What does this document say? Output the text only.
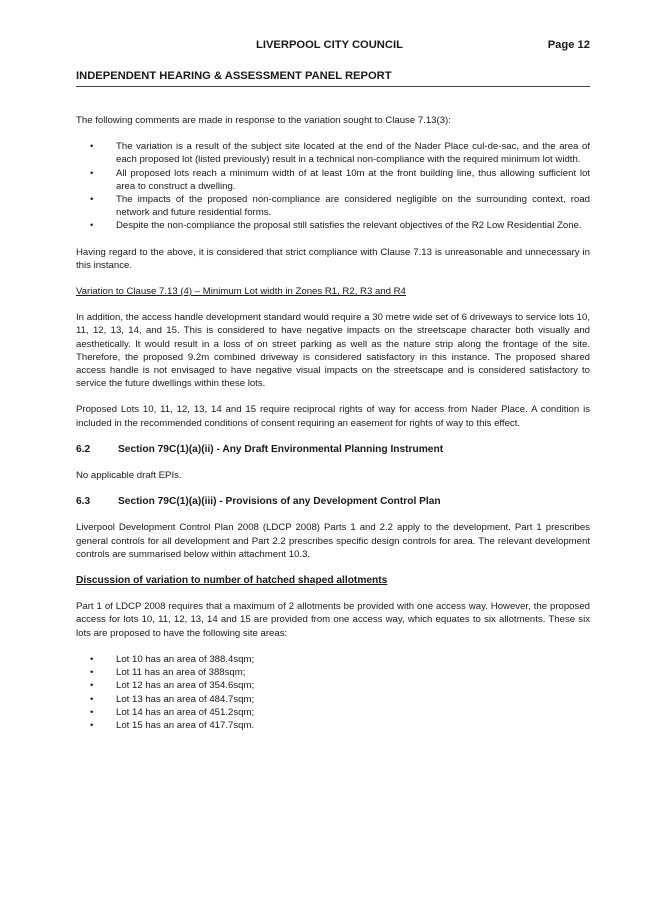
LIVERPOOL CITY COUNCIL	Page 12
INDEPENDENT HEARING & ASSESSMENT PANEL REPORT

The following comments are made in response to the variation sought to Clause 7.13(3):

• The variation is a result of the subject site located at the end of the Nader Place cul-de-sac, and the area of each proposed lot (listed previously) result in a technical non-compliance with the required minimum lot width.
• All proposed lots reach a minimum width of at least 10m at the front building line, thus allowing sufficient lot area to construct a dwelling.
• The impacts of the proposed non-compliance are considered negligible on the surrounding context, road network and future residential forms.
• Despite the non-compliance the proposal still satisfies the relevant objectives of the R2 Low Residential Zone.

Having regard to the above, it is considered that strict compliance with Clause 7.13 is unreasonable and unnecessary in this instance.

Variation to Clause 7.13 (4) – Minimum Lot width in Zones R1, R2, R3 and R4

In addition, the access handle development standard would require a 30 metre wide set of 6 driveways to service lots 10, 11, 12, 13, 14, and 15. This is considered to have negative impacts on the streetscape character both visually and aesthetically. It would result in a loss of on street parking as well as the nature strip along the frontage of the site. Therefore, the proposed 9.2m combined driveway is considered satisfactory in this instance. The proposed shared access handle is not envisaged to have negative visual impacts on the streetscape and is considered satisfactory to service the future dwellings within these lots.

Proposed Lots 10, 11, 12, 13, 14 and 15 require reciprocal rights of way for access from Nader Place. A condition is included in the recommended conditions of consent requiring an easement for rights of way to this effect.

6.2	Section 79C(1)(a)(ii) - Any Draft Environmental Planning Instrument

No applicable draft EPIs.

6.3	Section 79C(1)(a)(iii) - Provisions of any Development Control Plan

Liverpool Development Control Plan 2008 (LDCP 2008) Parts 1 and 2.2 apply to the development. Part 1 prescribes general controls for all development and Part 2.2 prescribes specific design controls for area. The relevant development controls are summarised below within attachment 10.3.

Discussion of variation to number of hatched shaped allotments

Part 1 of LDCP 2008 requires that a maximum of 2 allotments be provided with one access way. However, the proposed access for lots 10, 11, 12, 13, 14 and 15 are provided from one access way, which equates to six allotments. These six lots are proposed to have the following site areas:

• Lot 10 has an area of 388.4sqm;
• Lot 11 has an area of 388sqm;
• Lot 12 has an area of 354.6sqm;
• Lot 13 has an area of 484.7sqm;
• Lot 14 has an area of 451.2sqm;
• Lot 15 has an area of 417.7sqm.
